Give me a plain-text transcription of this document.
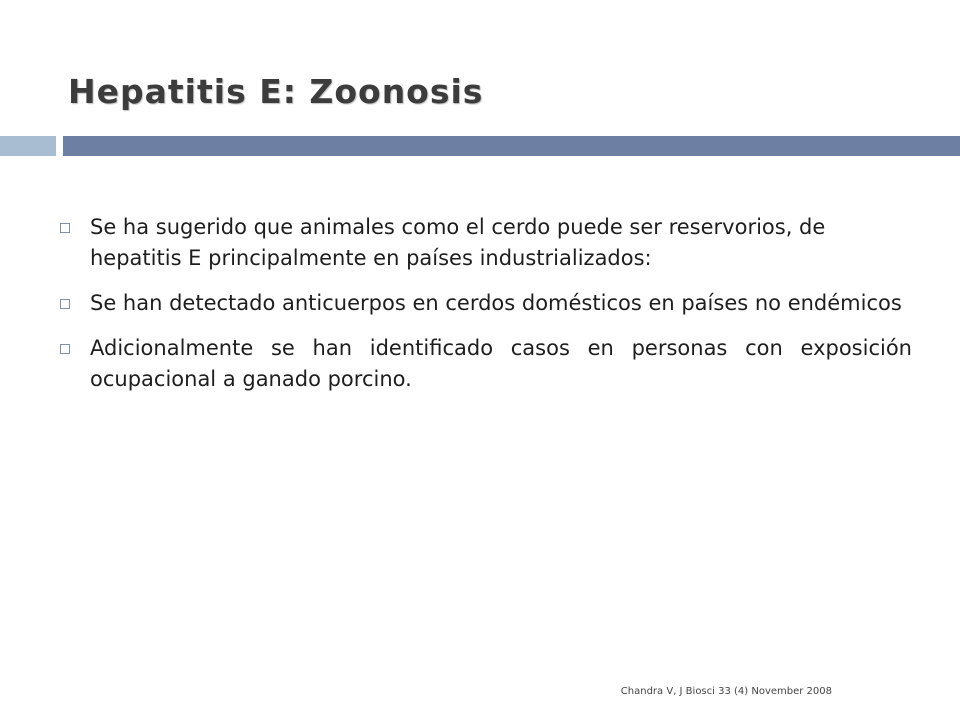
Hepatitis E: Zoonosis
Se ha sugerido que animales como el cerdo puede ser reservorios, de hepatitis E principalmente en países industrializados:
Se han detectado anticuerpos en cerdos domésticos en países no endémicos
Adicionalmente se han identificado casos en personas con exposición ocupacional a ganado porcino.
Chandra V, J Biosci 33 (4) November 2008
